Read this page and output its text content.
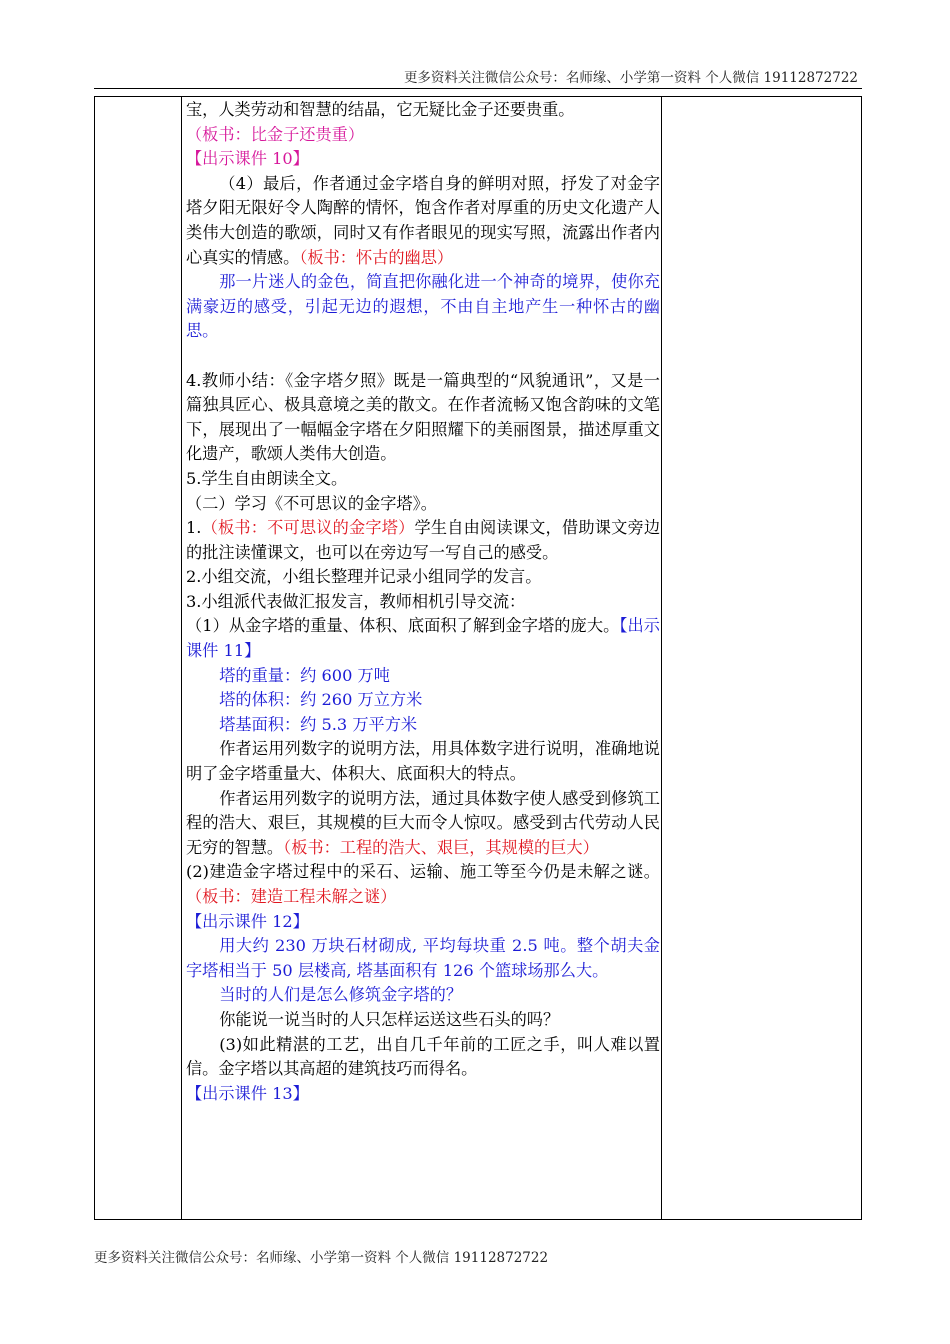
更多资料关注微信公众号：名师缘、小学第一资料 个人微信 19112872722

宝，人类劳动和智慧的结晶，它无疑比金子还要贵重。

（板书：比金子还贵重）

【出示课件 10】

（4）最后，作者通过金字塔自身的鲜明对照，抒发了对金字塔夕阳无限好令人陶醉的情怀，饱含作者对厚重的历史文化遗产人类伟大创造的歌颂，同时又有作者眼见的现实写照，流露出作者内心真实的情感。（板书：怀古的幽思）

那一片迷人的金色，简直把你融化进一个神奇的境界，使你充满豪迈的感受，引起无边的遐想，不由自主地产生一种怀古的幽思。

4.教师小结：《金字塔夕照》既是一篇典型的“风貌通讯”，又是一篇独具匠心、极具意境之美的散文。在作者流畅又饱含韵味的文笔下，展现出了一幅幅金字塔在夕阳照耀下的美丽图景，描述厚重文化遗产，歌颂人类伟大创造。

5.学生自由朗读全文。

（二）学习《不可思议的金字塔》。

1.（板书：不可思议的金字塔）学生自由阅读课文，借助课文旁边的批注读懂课文，也可以在旁边写一写自己的感受。

2.小组交流，小组长整理并记录小组同学的发言。

3.小组派代表做汇报发言，教师相机引导交流：

（1）从金字塔的重量、体积、底面积了解到金字塔的庞大。【出示课件 11】

塔的重量：约 600 万吨

塔的体积：约 260 万立方米

塔基面积：约 5.3 万平方米

作者运用列数字的说明方法，用具体数字进行说明，准确地说明了金字塔重量大、体积大、底面积大的特点。

作者运用列数字的说明方法，通过具体数字使人感受到修筑工程的浩大、艰巨，其规模的巨大而令人惊叹。感受到古代劳动人民无穷的智慧。（板书：工程的浩大、艰巨，其规模的巨大）

(2)建造金字塔过程中的采石、运输、施工等至今仍是未解之谜。（板书：建造工程未解之谜）

【出示课件 12】

用大约 230 万块石材砌成, 平均每块重 2.5 吨。整个胡夫金字塔相当于 50 层楼高, 塔基面积有 126 个篮球场那么大。

当时的人们是怎么修筑金字塔的？

你能说一说当时的人只怎样运送这些石头的吗？

(3)如此精湛的工艺，出自几千年前的工匠之手，叫人难以置信。金字塔以其高超的建筑技巧而得名。

【出示课件 13】

更多资料关注微信公众号：名师缘、小学第一资料 个人微信 19112872722
